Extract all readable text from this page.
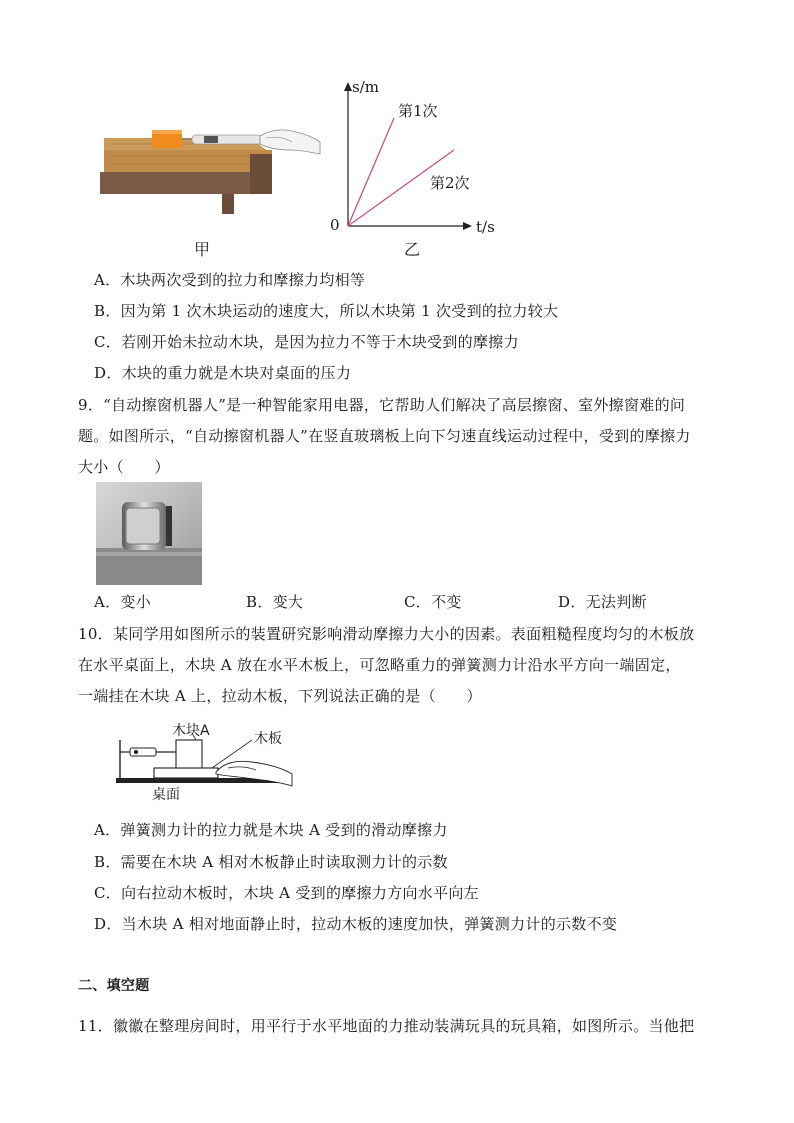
s/m
t/s
0
第1次
第2次
甲	乙
A．木块两次受到的拉力和摩擦力均相等
B．因为第 1 次木块运动的速度大，所以木块第 1 次受到的拉力较大
C．若刚开始未拉动木块，是因为拉力不等于木块受到的摩擦力
D．木块的重力就是木块对桌面的压力
9．“自动擦窗机器人”是一种智能家用电器，它帮助人们解决了高层擦窗、室外擦窗难的问
题。如图所示，“自动擦窗机器人”在竖直玻璃板上向下匀速直线运动过程中，受到的摩擦力
大小（　　）
A．变小	B．变大	C．不变	D．无法判断
10．某同学用如图所示的装置研究影响滑动摩擦力大小的因素。表面粗糙程度均匀的木板放
在水平桌面上，木块 A 放在水平木板上，可忽略重力的弹簧测力计沿水平方向一端固定，
一端挂在木块 A 上，拉动木板，下列说法正确的是（　　）
木块A	木板
桌面
A．弹簧测力计的拉力就是木块 A 受到的滑动摩擦力
B．需要在木块 A 相对木板静止时读取测力计的示数
C．向右拉动木板时，木块 A 受到的摩擦力方向水平向左
D．当木块 A 相对地面静止时，拉动木板的速度加快，弹簧测力计的示数不变
二、填空题
11．徽徽在整理房间时，用平行于水平地面的力推动装满玩具的玩具箱，如图所示。当他把
